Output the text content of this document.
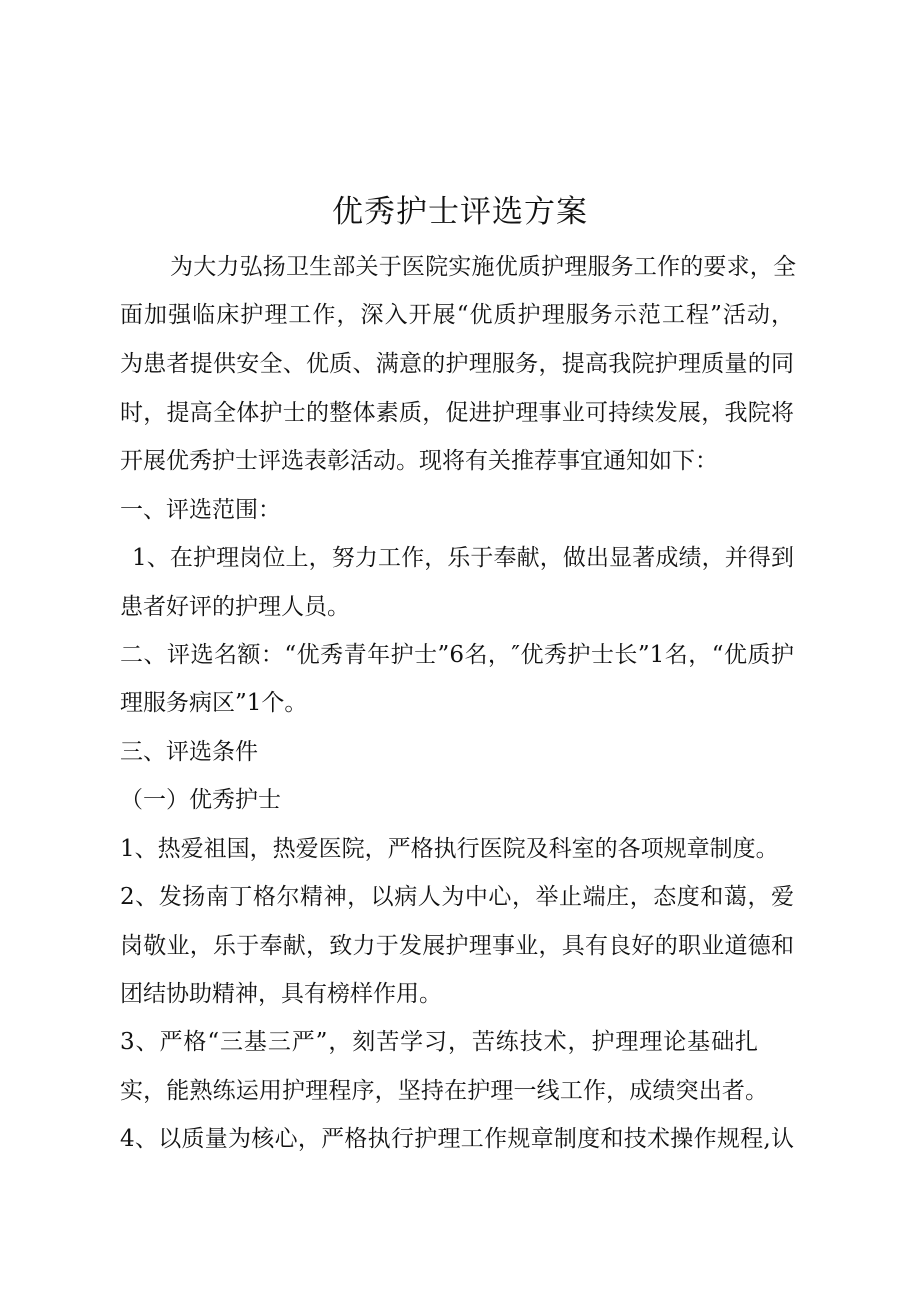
优秀护士评选方案

为大力弘扬卫生部关于医院实施优质护理服务工作的要求，全

面加强临床护理工作，深入开展“优质护理服务示范工程”活动，

为患者提供安全、优质、满意的护理服务，提高我院护理质量的同

时，提高全体护士的整体素质，促进护理事业可持续发展，我院将

开展优秀护士评选表彰活动。现将有关推荐事宜通知如下：

一、评选范围：

1、在护理岗位上，努力工作，乐于奉献，做出显著成绩，并得到

患者好评的护理人员。

二、评选名额：“优秀青年护士”6名，″优秀护士长”1名，“优质护

理服务病区”1个。

三、评选条件

（一）优秀护士

1、热爱祖国，热爱医院，严格执行医院及科室的各项规章制度。

2、发扬南丁格尔精神，以病人为中心，举止端庄，态度和蔼，爱

岗敬业，乐于奉献，致力于发展护理事业，具有良好的职业道德和

团结协助精神，具有榜样作用。

3、严格“三基三严”，刻苦学习，苦练技术，护理理论基础扎

实，能熟练运用护理程序，坚持在护理一线工作，成绩突出者。

4、以质量为核心，严格执行护理工作规章制度和技术操作规程,认
